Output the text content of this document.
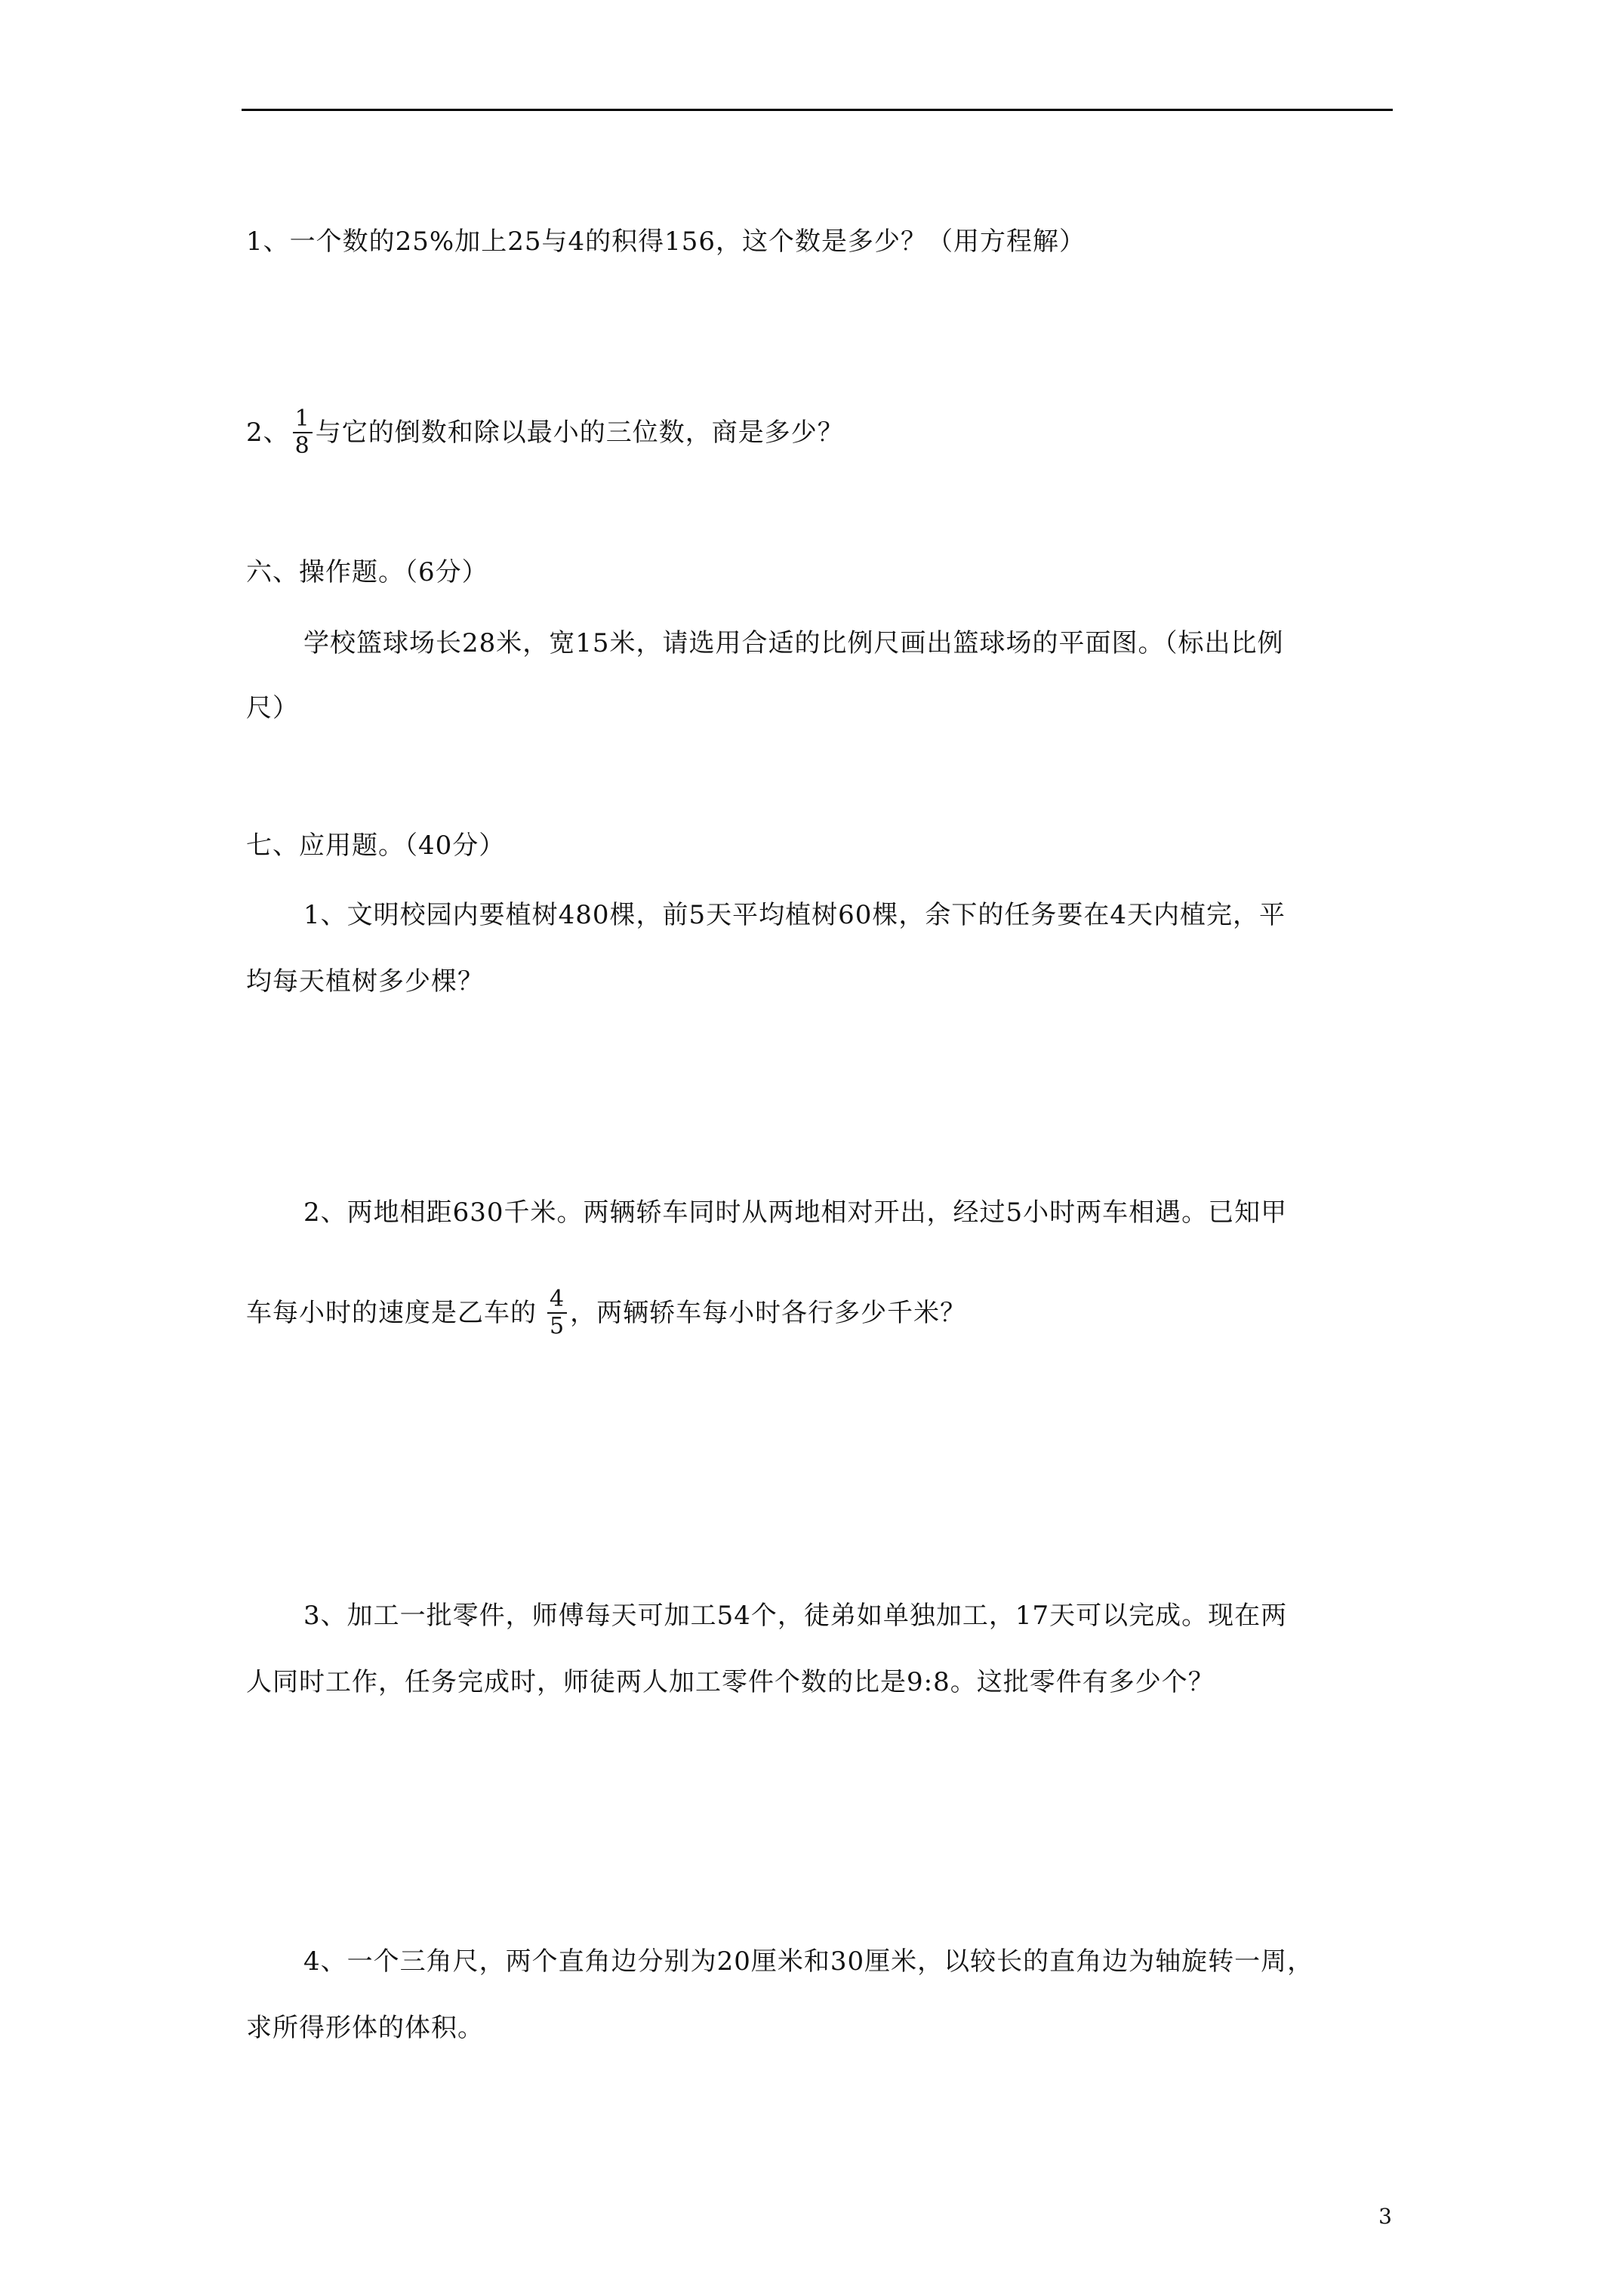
1、一个数的25%加上25与4的积得156，这个数是多少？（用方程解）
2、 $\frac{1}{8}$ 与它的倒数和除以最小的三位数，商是多少？
六、操作题。（6分）
学校篮球场长28米，宽15米，请选用合适的比例尺画出篮球场的平面图。（标出比例
尺）
七、应用题。（40分）
1、文明校园内要植树480棵，前5天平均植树60棵，余下的任务要在4天内植完，平
均每天植树多少棵？
2、两地相距630千米。两辆轿车同时从两地相对开出，经过5小时两车相遇。已知甲
车每小时的速度是乙车的 $\frac{4}{5}$ ，两辆轿车每小时各行多少千米？
3、加工一批零件，师傅每天可加工54个，徒弟如单独加工，17天可以完成。现在两
人同时工作，任务完成时，师徒两人加工零件个数的比是9:8。这批零件有多少个？
4、一个三角尺，两个直角边分别为20厘米和30厘米，以较长的直角边为轴旋转一周，
求所得形体的体积。
3
